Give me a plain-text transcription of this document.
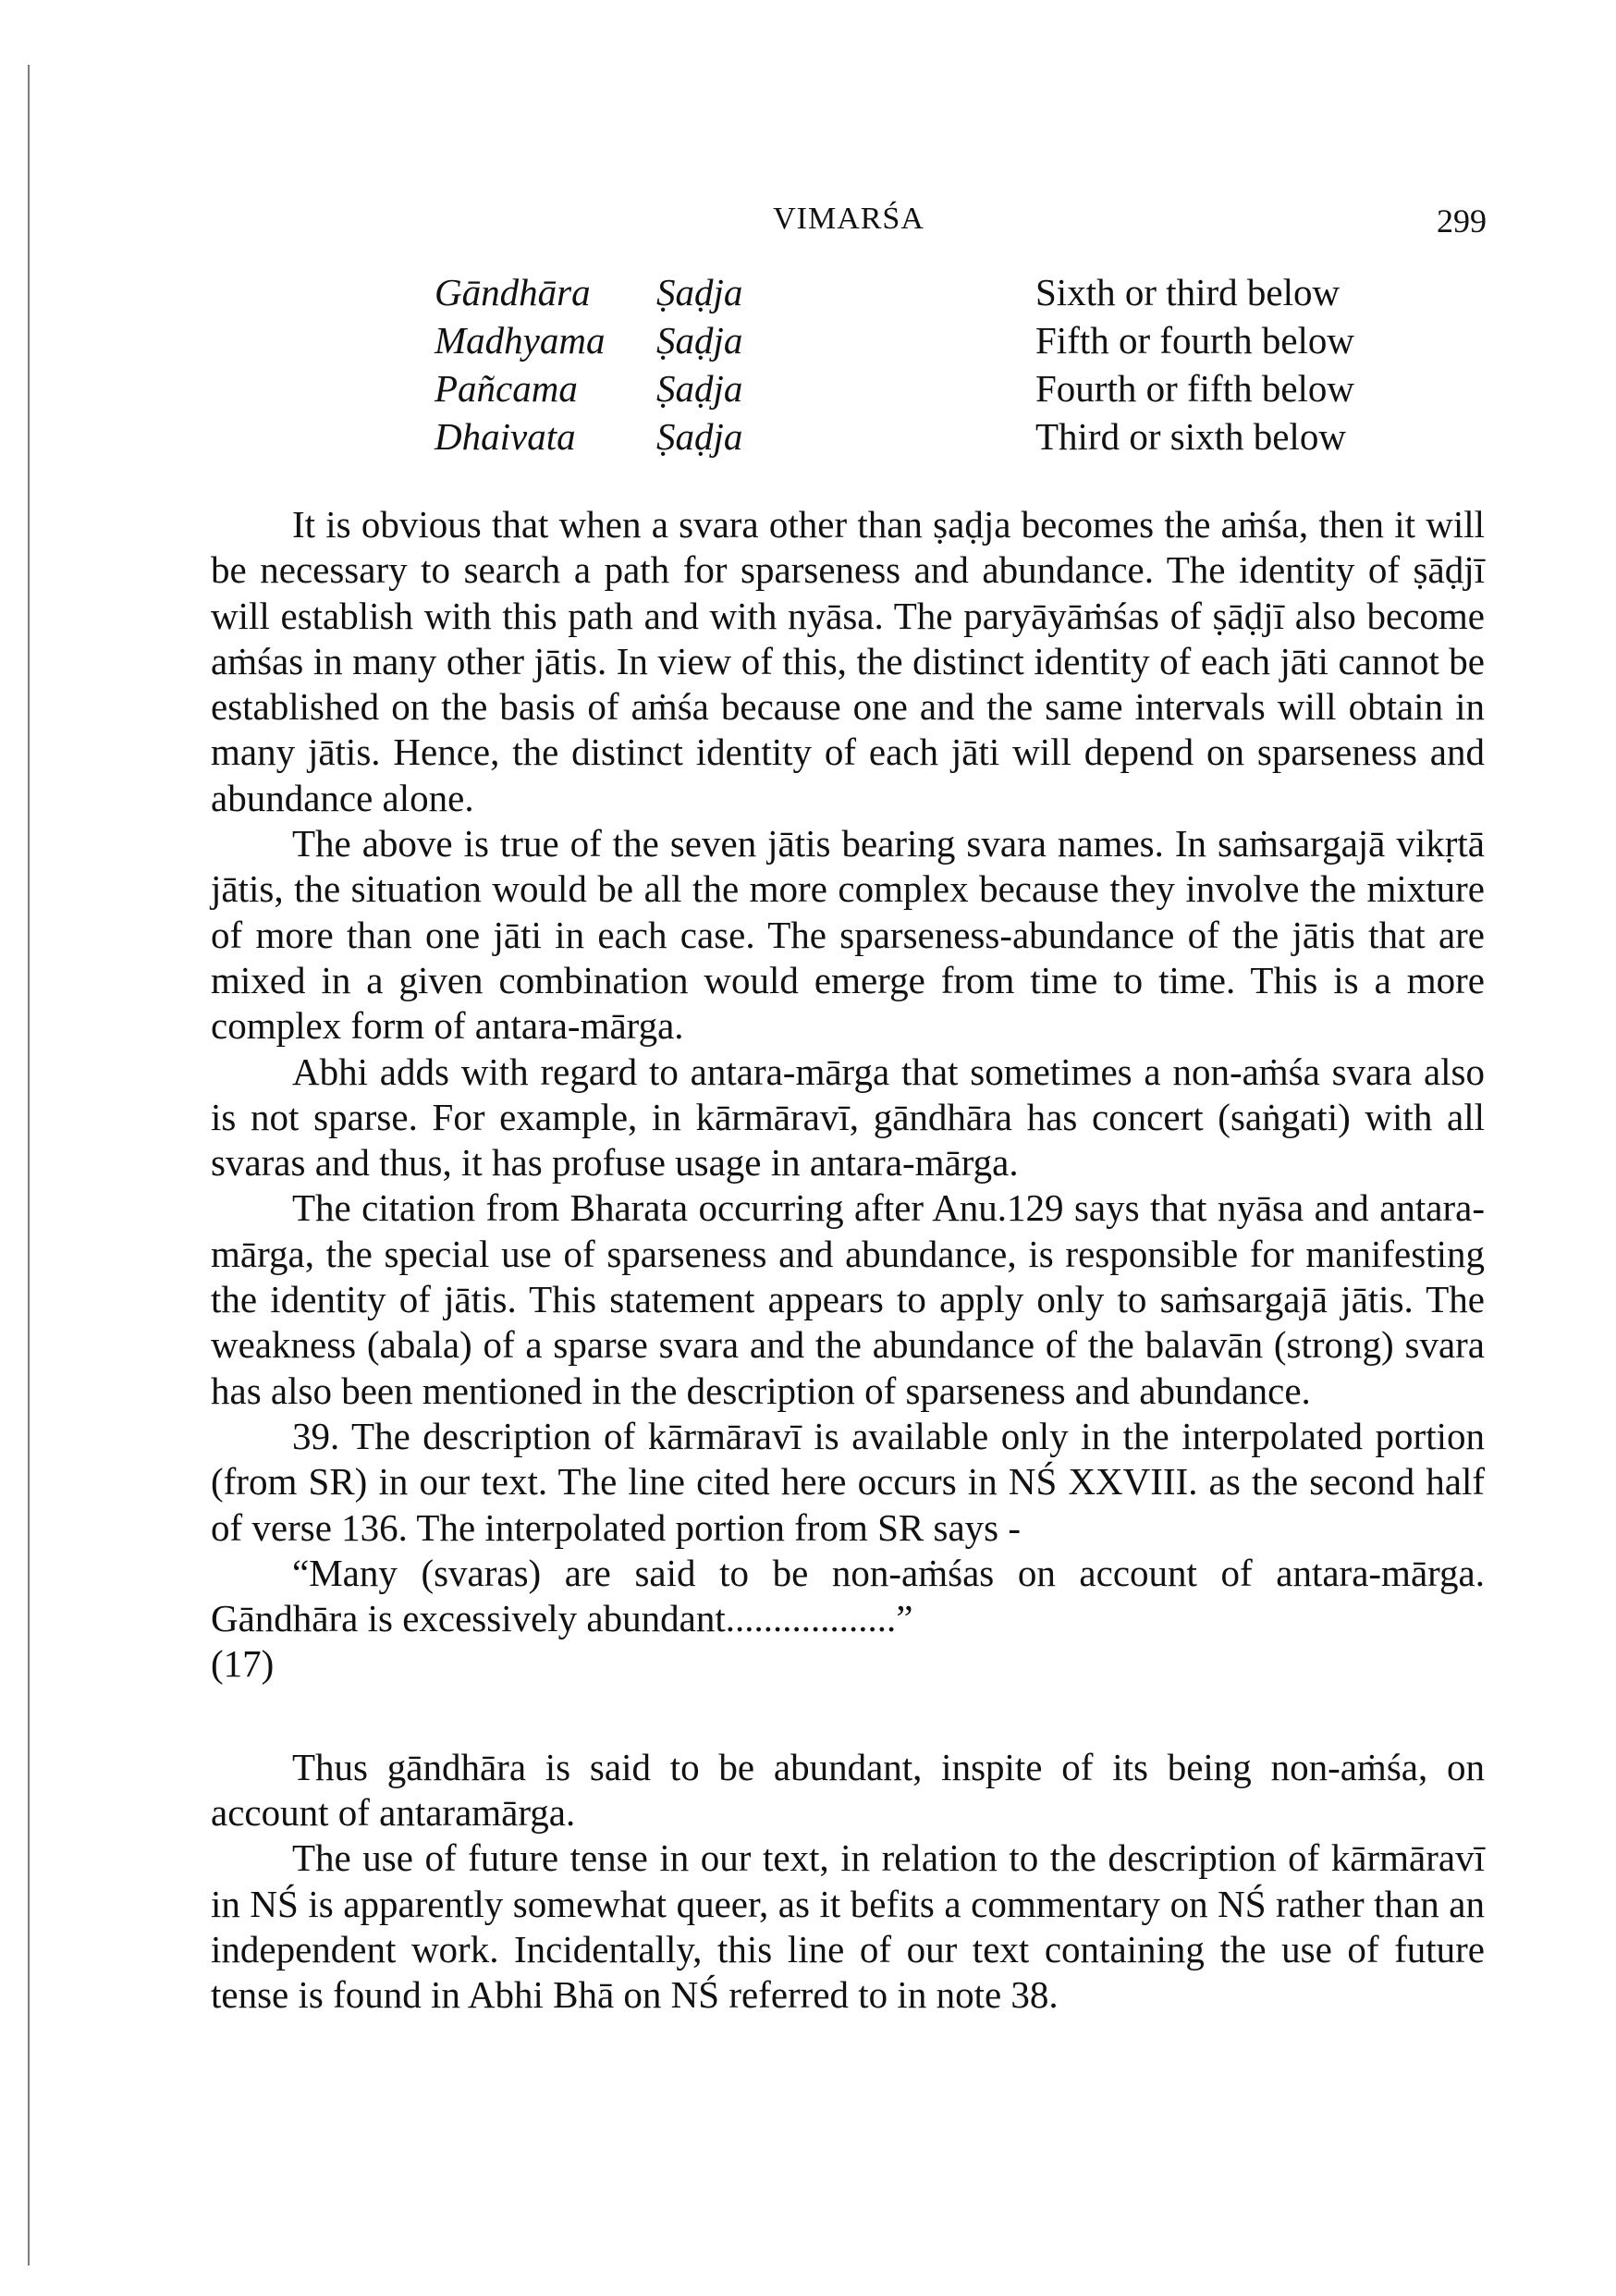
VIMARŚA	299
Gāndhāra	Ṣaḍja	Sixth or third below
Madhyama	Ṣaḍja	Fifth or fourth below
Pañcama	Ṣaḍja	Fourth or fifth below
Dhaivata	Ṣaḍja	Third or sixth below

It is obvious that when a svara other than ṣaḍja becomes the aṁśa, then it will be necessary to search a path for sparseness and abundance. The identity of ṣāḍjī will establish with this path and with nyāsa. The paryāyāṁśas of ṣāḍjī also become aṁśas in many other jātis. In view of this, the distinct identity of each jāti cannot be established on the basis of aṁśa because one and the same intervals will obtain in many jātis. Hence, the distinct identity of each jāti will depend on sparseness and abundance alone.

The above is true of the seven jātis bearing svara names. In saṁsargajā vikṛtā jātis, the situation would be all the more complex because they involve the mixture of more than one jāti in each case. The sparseness-abundance of the jātis that are mixed in a given combination would emerge from time to time. This is a more complex form of antara-mārga.

Abhi adds with regard to antara-mārga that sometimes a non-aṁśa svara also is not sparse. For example, in kārmāravī, gāndhāra has concert (saṅgati) with all svaras and thus, it has profuse usage in antara-mārga.

The citation from Bharata occurring after Anu.129 says that nyāsa and antara-mārga, the special use of sparseness and abundance, is responsible for manifesting the identity of jātis. This statement appears to apply only to saṁsargajā jātis. The weakness (abala) of a sparse svara and the abundance of the balavān (strong) svara has also been mentioned in the description of sparseness and abundance.

39. The description of kārmāravī is available only in the interpolated portion (from SR) in our text. The line cited here occurs in NŚ XXVIII. as the second half of verse 136. The interpolated portion from SR says -

“Many (svaras) are said to be non-aṁśas on account of antara-mārga. Gāndhāra is excessively abundant..................”

(17)

Thus gāndhāra is said to be abundant, inspite of its being non-aṁśa, on account of antaramārga.

The use of future tense in our text, in relation to the description of kārmāravī in NŚ is apparently somewhat queer, as it befits a commentary on NŚ rather than an independent work. Incidentally, this line of our text containing the use of future tense is found in Abhi Bhā on NŚ referred to in note 38.
